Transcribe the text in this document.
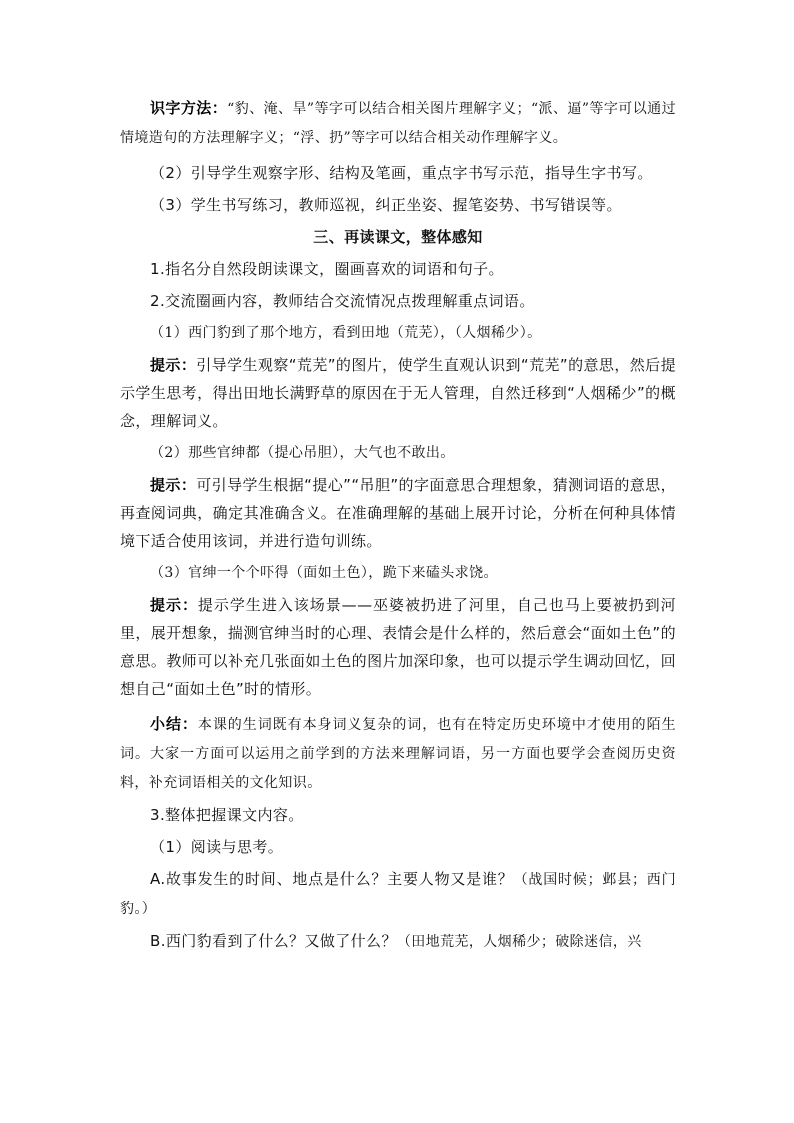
识字方法：“豹、淹、旱”等字可以结合相关图片理解字义；“派、逼”等字可以通过情境造句的方法理解字义；“浮、扔”等字可以结合相关动作理解字义。

（2）引导学生观察字形、结构及笔画，重点字书写示范，指导生字书写。

（3）学生书写练习，教师巡视，纠正坐姿、握笔姿势、书写错误等。

三、再读课文，整体感知

1.指名分自然段朗读课文，圈画喜欢的词语和句子。

2.交流圈画内容，教师结合交流情况点拨理解重点词语。

（1）西门豹到了那个地方，看到田地（荒芜），（人烟稀少）。

提示：引导学生观察“荒芜”的图片，使学生直观认识到“荒芜”的意思，然后提示学生思考，得出田地长满野草的原因在于无人管理，自然迁移到“人烟稀少”的概念，理解词义。

（2）那些官绅都（提心吊胆），大气也不敢出。

提示：可引导学生根据“提心”“吊胆”的字面意思合理想象，猜测词语的意思，再查阅词典，确定其准确含义。在准确理解的基础上展开讨论，分析在何种具体情境下适合使用该词，并进行造句训练。

（3）官绅一个个吓得（面如土色），跪下来磕头求饶。

提示：提示学生进入该场景——巫婆被扔进了河里，自己也马上要被扔到河里，展开想象，揣测官绅当时的心理、表情会是什么样的，然后意会“面如土色”的意思。教师可以补充几张面如土色的图片加深印象，也可以提示学生调动回忆，回想自己“面如土色”时的情形。

小结：本课的生词既有本身词义复杂的词，也有在特定历史环境中才使用的陌生词。大家一方面可以运用之前学到的方法来理解词语，另一方面也要学会查阅历史资料，补充词语相关的文化知识。

3.整体把握课文内容。

（1）阅读与思考。

A.故事发生的时间、地点是什么？主要人物又是谁？（战国时候；邺县；西门豹。）

B.西门豹看到了什么？又做了什么？（田地荒芜，人烟稀少；破除迷信，兴
